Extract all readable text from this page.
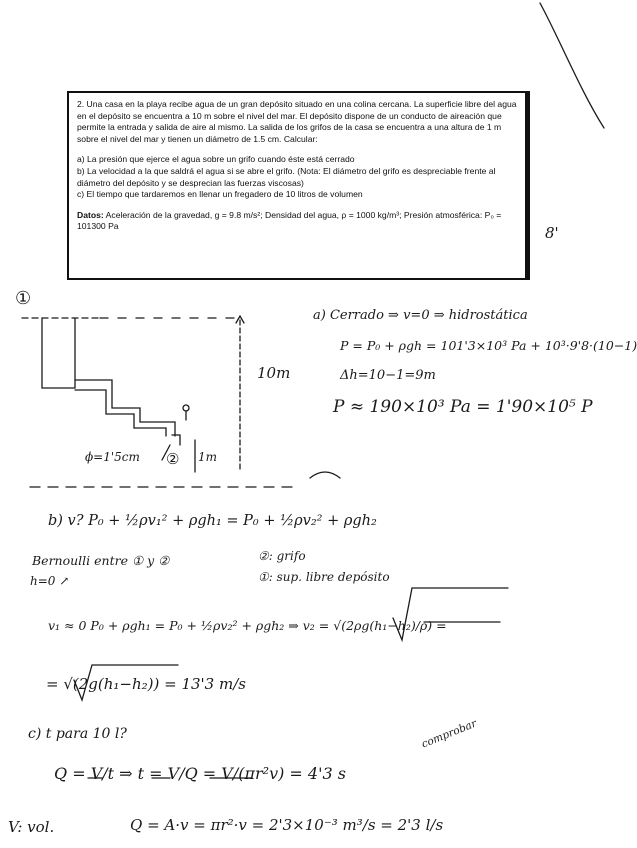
2. Una casa en la playa recibe agua de un gran depósito situado en una colina cercana. La superficie libre del agua en el depósito se encuentra a 10 m sobre el nivel del mar. El depósito dispone de un conducto de aireación que permite la entrada y salida de aire al mismo. La salida de los grifos de la casa se encuentra a una altura de 1 m sobre el nivel del mar y tienen un diámetro de 1.5 cm. Calcular:

a) La presión que ejerce el agua sobre un grifo cuando éste está cerrado

b) La velocidad a la que saldrá el agua si se abre el grifo. (Nota: El diámetro del grifo es despreciable frente al diámetro del depósito y se desprecian las fuerzas viscosas)

c) El tiempo que tardaremos en llenar un fregadero de 10 litros de volumen

Datos: Aceleración de la gravedad, g = 9.8 m/s²; Densidad del agua, ρ = 1000 kg/m³; Presión atmosférica: P₀ = 101300 Pa	8'
①
10m
1m
ϕ=1'5cm ②
a) Cerrado ⇒ v=0 ⇒ hidrostática
P = P₀ + ρgh = 101'3×10³ Pa + 10³·9'8·(10−1)
Δh=10−1=9m
P ≈ 190×10³ Pa = 1'90×10⁵ P
b) v? P₀ + ½ρv₁² + ρgh₁ = P₀ + ½ρv₂² + ρgh₂
Bernoulli entre ① y ②	②: grifo
①: sup. libre depósito
h=0 ↗
v₁ ≈ 0 P₀ + ρgh₁ = P₀ + ½ρv₂² + ρgh₂ ⇒ v₂ = √(2ρg(h₁−h₂)/ρ) =
= √(2g(h₁−h₂)) = 13'3 m/s
c) t para 10 l?
Q = V/t ⇒ t = V/Q = V/(πr²v) = 4'3 s
comprobar
V: vol.	Q = A·v = πr²·v = 2'3×10⁻³ m³/s = 2'3 l/s
